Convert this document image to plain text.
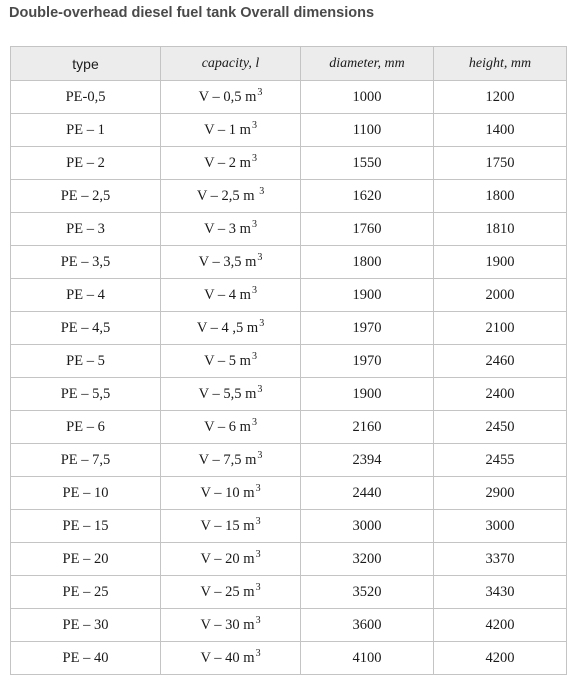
Double-overhead diesel fuel tank Overall dimensions
type	capacity, l	diameter, mm	height, mm
PE-0,5	V – 0,5 $m^3$	1000	1200
PE – 1	V – 1 $m^3$	1100	1400
PE – 2	V – 2 $m^3$	1550	1750
PE – 2,5	V – 2,5 m $^3$	1620	1800
PE – 3	V – 3 $m^3$	1760	1810
PE – 3,5	V – 3,5 $m^3$	1800	1900
PE – 4	V – 4 $m^3$	1900	2000
PE – 4,5	V – 4 ,5 $m^3$	1970	2100
PE – 5	V – 5 $m^3$	1970	2460
PE – 5,5	V – 5,5 $m^3$	1900	2400
PE – 6	V – 6 $m^3$	2160	2450
PE – 7,5	V – 7,5 $m^3$	2394	2455
PE – 10	V – 10 $m^3$	2440	2900
PE – 15	V – 15 $m^3$	3000	3000
PE – 20	V – 20 $m^3$	3200	3370
PE – 25	V – 25 $m^3$	3520	3430
PE – 30	V – 30 $m^3$	3600	4200
PE – 40	V – 40 $m^3$	4100	4200
